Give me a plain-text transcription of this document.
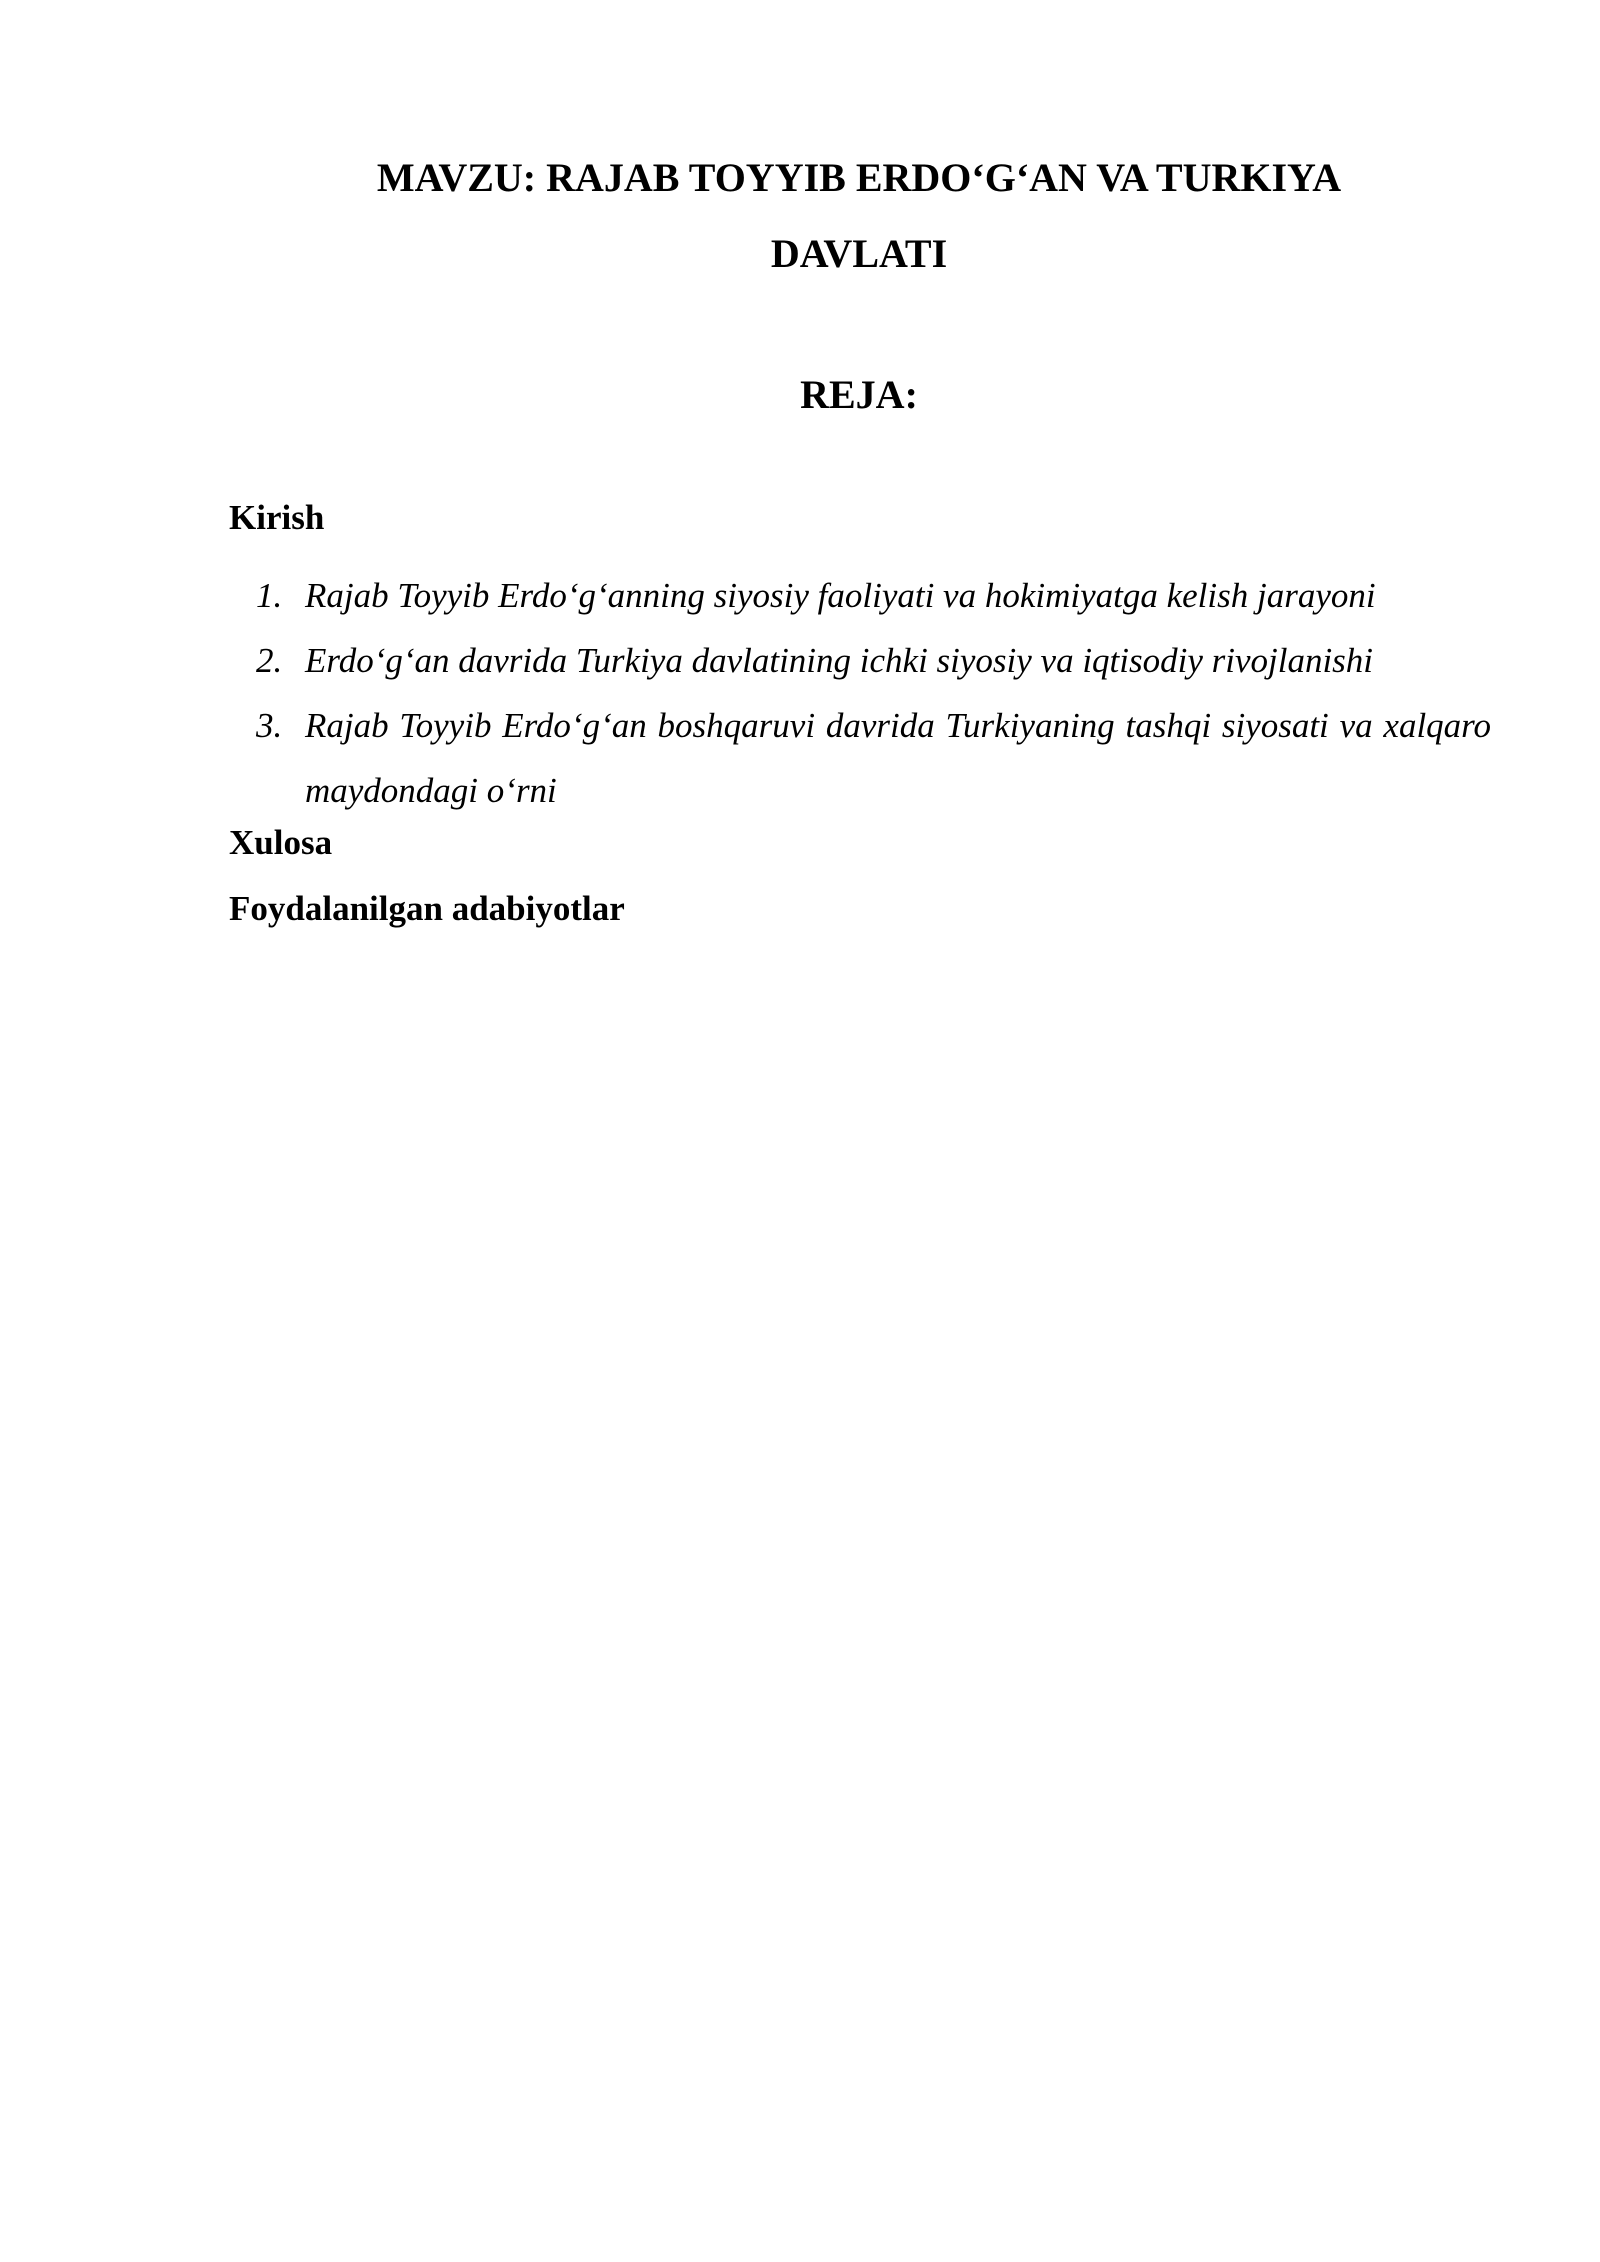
MAVZU: RAJAB TOYYIB ERDO‘G‘AN VA TURKIYA
DAVLATI
REJA:

Kirish

1. Rajab Toyyib Erdo‘g‘anning siyosiy faoliyati va hokimiyatga kelish jarayoni
2. Erdo‘g‘an davrida Turkiya davlatining ichki siyosiy va iqtisodiy rivojlanishi
3. Rajab Toyyib Erdo‘g‘an boshqaruvi davrida Turkiyaning tashqi siyosati va xalqaro maydondagi o‘rni

Xulosa

Foydalanilgan adabiyotlar
